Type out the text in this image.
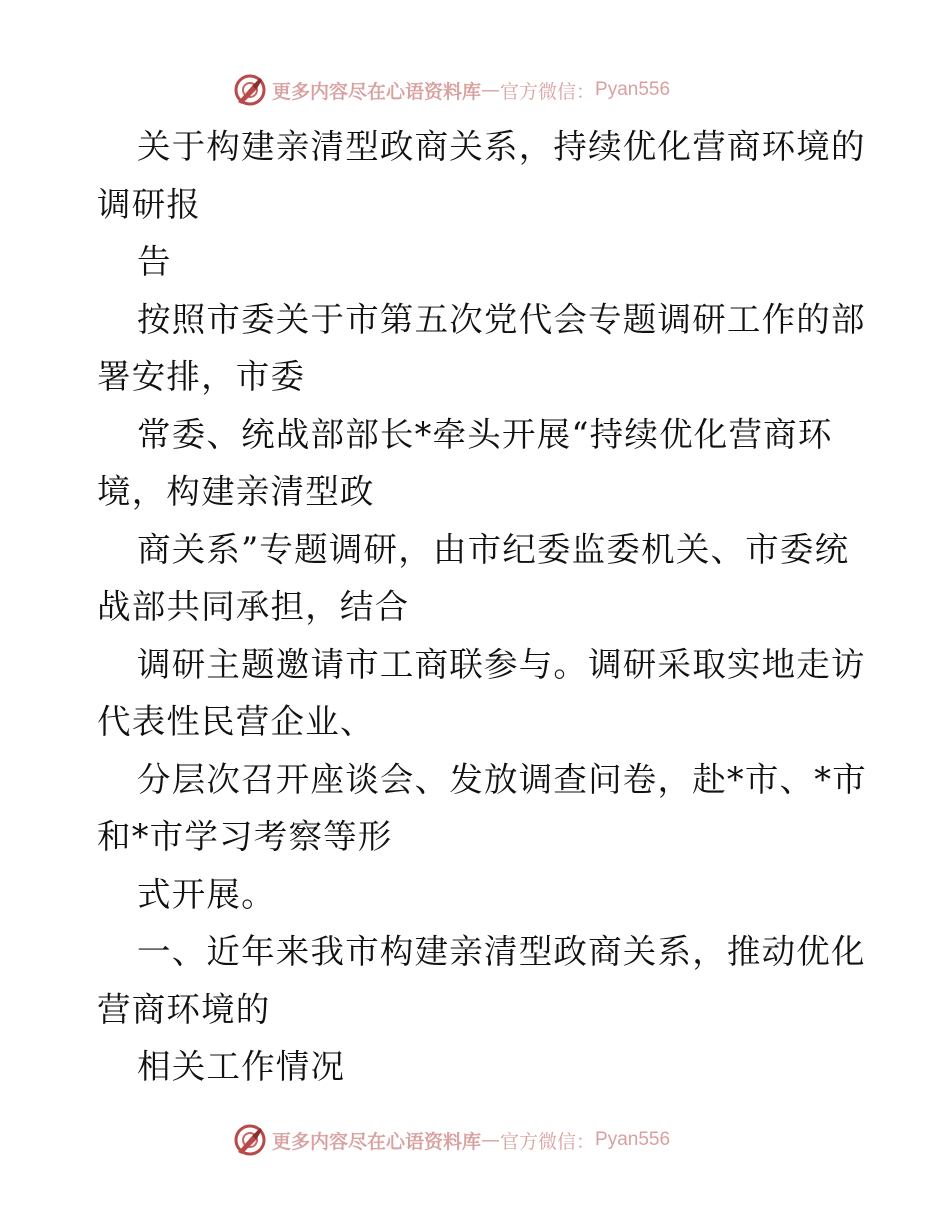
更多内容尽在心语资料库 — 官方微信： Pyan556
关于构建亲清型政商关系，持续优化营商环境的
调研报
告
按照市委关于市第五次党代会专题调研工作的部
署安排，市委
常委、统战部部长*牵头开展“持续优化营商环
境，构建亲清型政
商关系”专题调研，由市纪委监委机关、市委统
战部共同承担，结合
调研主题邀请市工商联参与。调研采取实地走访
代表性民营企业、
分层次召开座谈会、发放调查问卷，赴*市、*市
和*市学习考察等形
式开展。
一、近年来我市构建亲清型政商关系，推动优化
营商环境的
相关工作情况
更多内容尽在心语资料库 — 官方微信： Pyan556
